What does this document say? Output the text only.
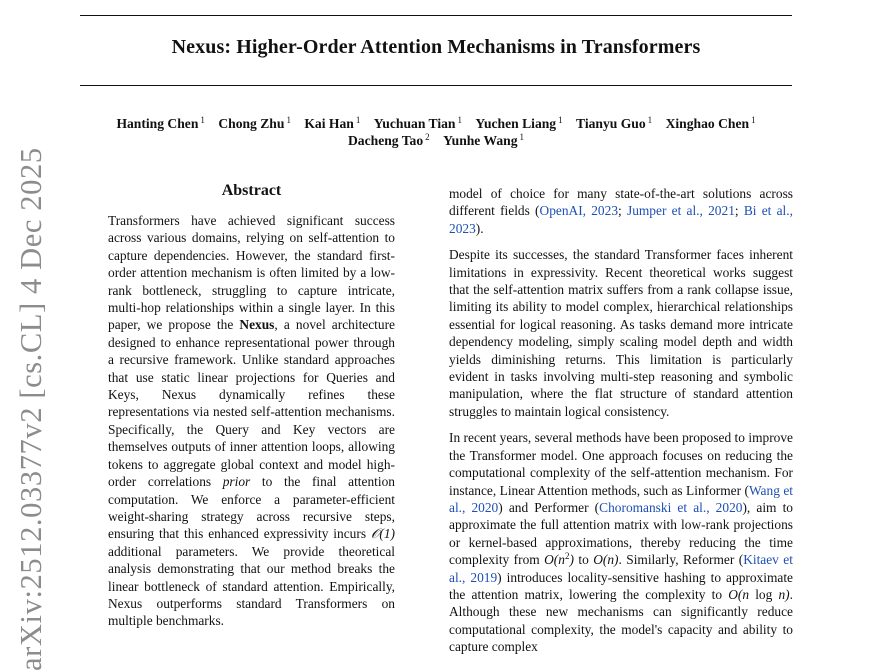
Nexus: Higher-Order Attention Mechanisms in Transformers
Hanting Chen $^1$ Chong Zhu $^1$ Kai Han $^1$ Yuchuan Tian $^1$ Yuchen Liang $^1$ Tianyu Guo $^1$ Xinghao Chen $^1$
Dacheng Tao $^2$ Yunhe Wang $^1$
arXiv:2512.03377v2 [cs.CL] 4 Dec 2025	Abstract

Transformers have achieved significant success across various domains, relying on self-attention to capture dependencies. However, the standard first-order attention mechanism is often limited by a low-rank bottleneck, struggling to capture intricate, multi-hop relationships within a single layer. In this paper, we propose the Nexus, a novel architecture designed to enhance representational power through a recursive framework. Unlike standard approaches that use static linear projections for Queries and Keys, Nexus dynamically refines these representations via nested self-attention mechanisms. Specifically, the Query and Key vectors are themselves outputs of inner attention loops, allowing tokens to aggregate global context and model high-order correlations prior to the final attention computation. We enforce a parameter-efficient weight-sharing strategy across recursive steps, ensuring that this enhanced expressivity incurs 𝒪(1) additional parameters. We provide theoretical analysis demonstrating that our method breaks the linear bottleneck of standard attention. Empirically, Nexus outperforms standard Transformers on multiple benchmarks.

model of choice for many state-of-the-art solutions across different fields (OpenAI, 2023; Jumper et al., 2021; Bi et al., 2023).

Despite its successes, the standard Transformer faces inherent limitations in expressivity. Recent theoretical works suggest that the self-attention matrix suffers from a rank collapse issue, limiting its ability to model complex, hierarchical relationships essential for logical reasoning. As tasks demand more intricate dependency modeling, simply scaling model depth and width yields diminishing returns. This limitation is particularly evident in tasks involving multi-step reasoning and symbolic manipulation, where the flat structure of standard attention struggles to maintain logical consistency.

In recent years, several methods have been proposed to improve the Transformer model. One approach focuses on reducing the computational complexity of the self-attention mechanism. For instance, Linear Attention methods, such as Linformer (Wang et al., 2020) and Performer (Choromanski et al., 2020), aim to approximate the full attention matrix with low-rank projections or kernel-based approximations, thereby reducing the time complexity from $O(n^2)$ to O(n). Similarly, Reformer (Kitaev et al., 2019) introduces locality-sensitive hashing to approximate the attention matrix, lowering the complexity to O(n log n). Although these new mechanisms can significantly reduce computational complexity, the model's capacity and ability to capture complex
